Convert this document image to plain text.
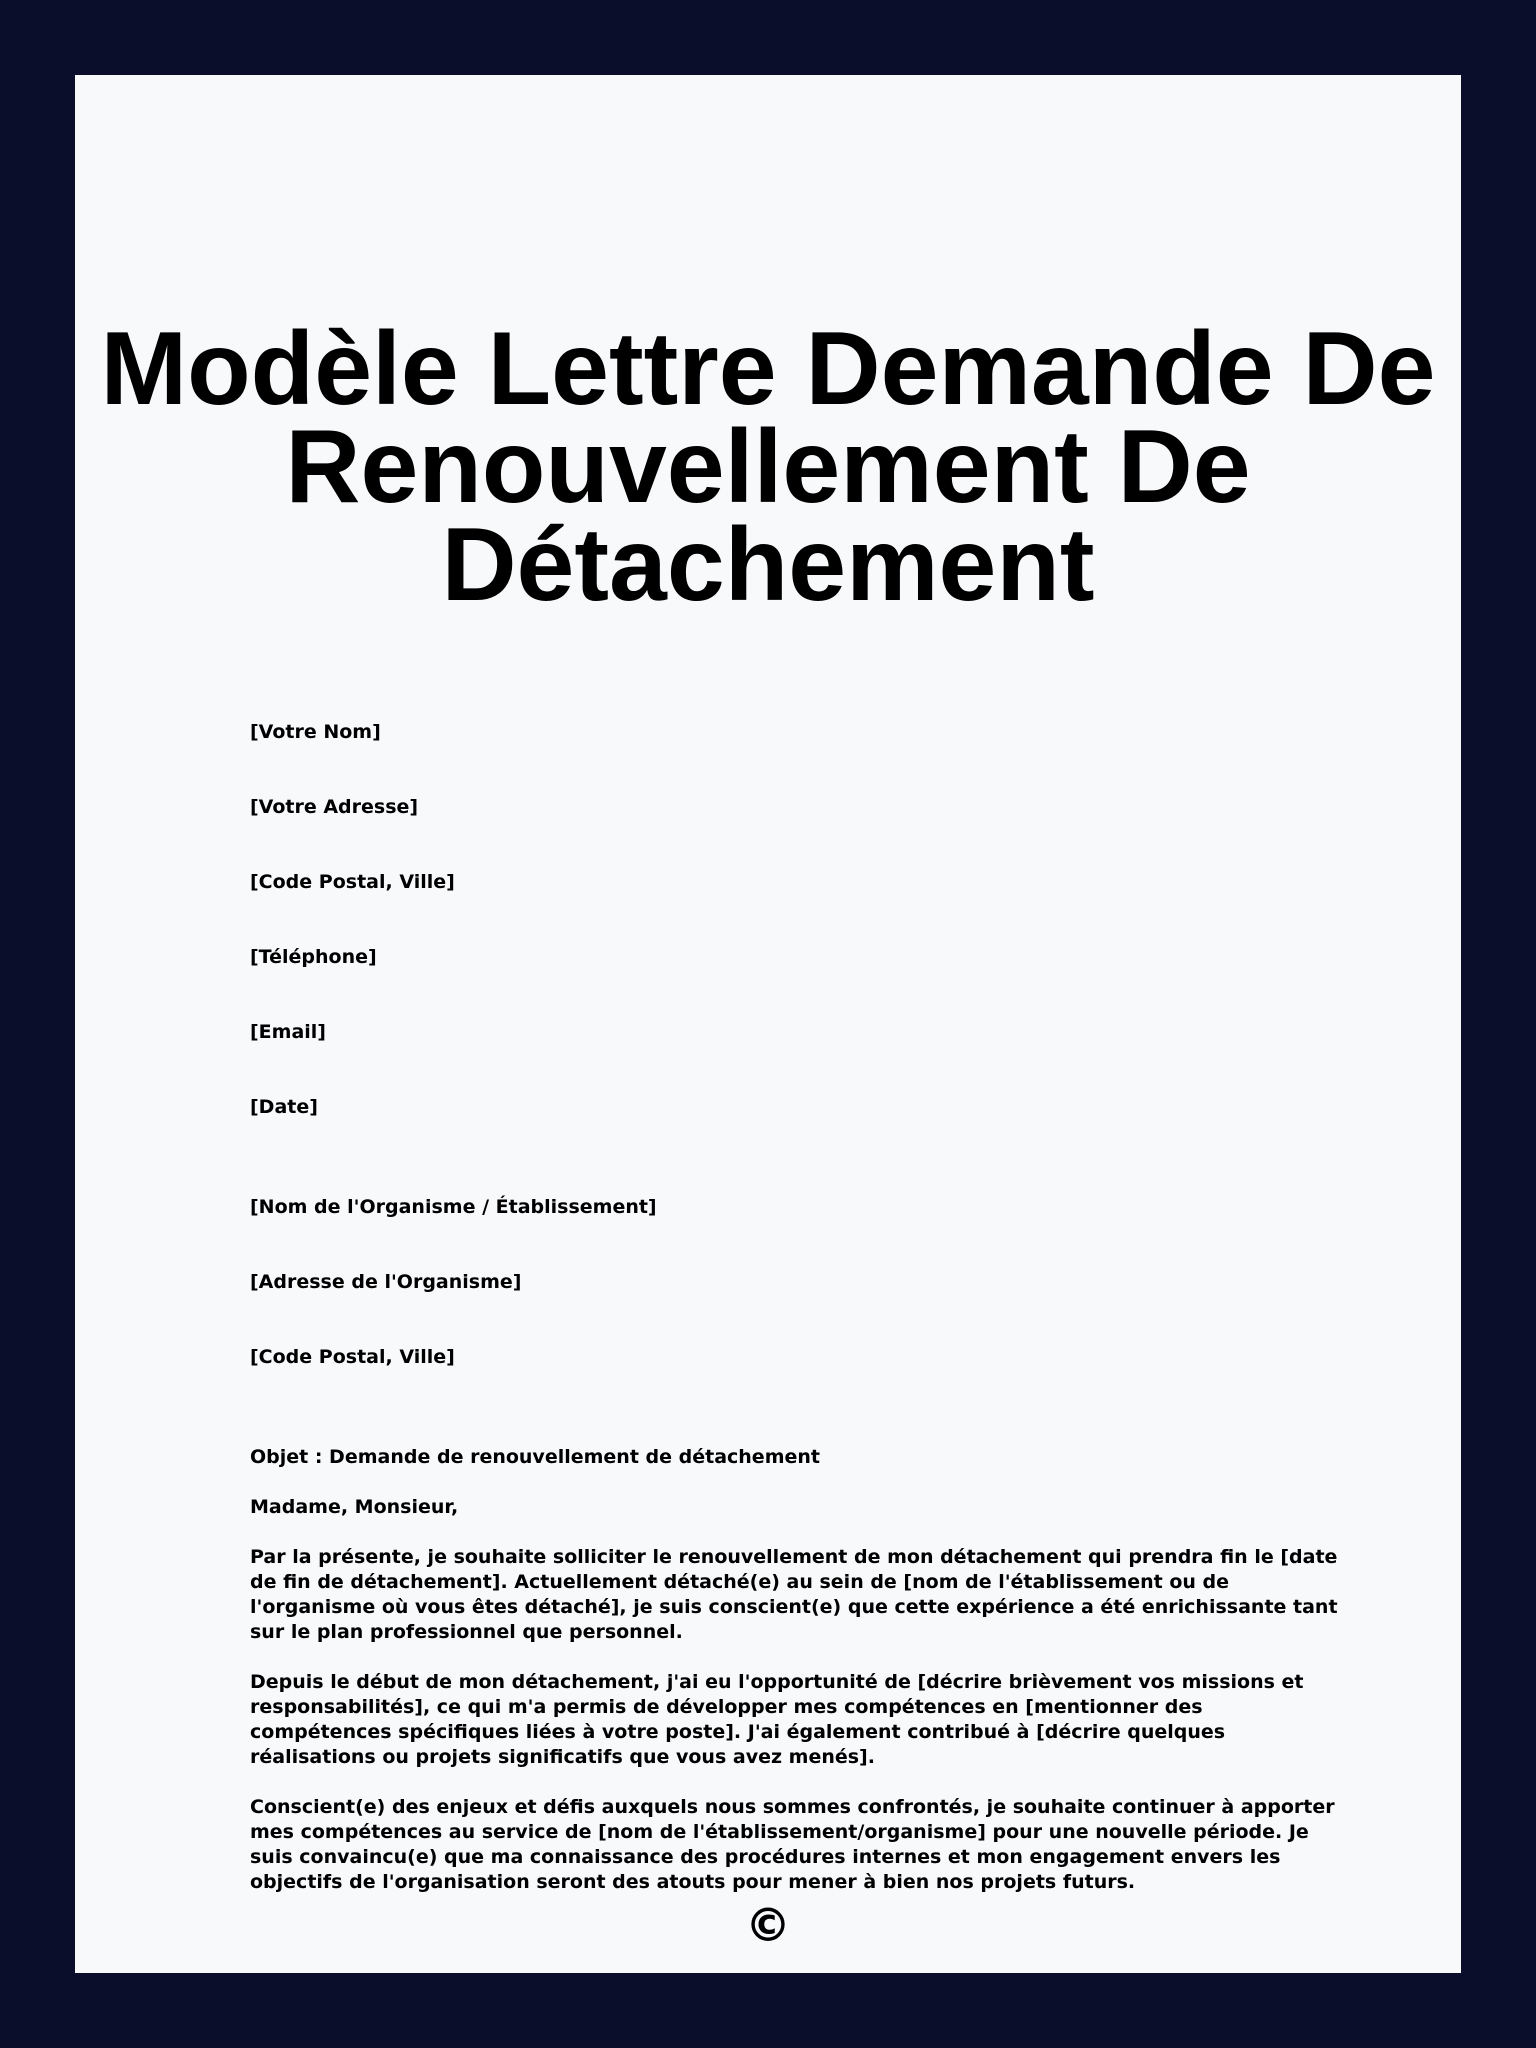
Modèle Lettre Demande De Renouvellement De Détachement
[Votre Nom]
[Votre Adresse]
[Code Postal, Ville]
[Téléphone]
[Email]
[Date]
[Nom de l'Organisme / Établissement]
[Adresse de l'Organisme]
[Code Postal, Ville]
Objet : Demande de renouvellement de détachement
Madame, Monsieur,
Par la présente, je souhaite solliciter le renouvellement de mon détachement qui prendra fin le [date de fin de détachement]. Actuellement détaché(e) au sein de [nom de l'établissement ou de l'organisme où vous êtes détaché], je suis conscient(e) que cette expérience a été enrichissante tant sur le plan professionnel que personnel.
Depuis le début de mon détachement, j'ai eu l'opportunité de [décrire brièvement vos missions et responsabilités], ce qui m'a permis de développer mes compétences en [mentionner des compétences spécifiques liées à votre poste]. J'ai également contribué à [décrire quelques réalisations ou projets significatifs que vous avez menés].
Conscient(e) des enjeux et défis auxquels nous sommes confrontés, je souhaite continuer à apporter mes compétences au service de [nom de l'établissement/organisme] pour une nouvelle période. Je suis convaincu(e) que ma connaissance des procédures internes et mon engagement envers les objectifs de l'organisation seront des atouts pour mener à bien nos projets futurs.
©
